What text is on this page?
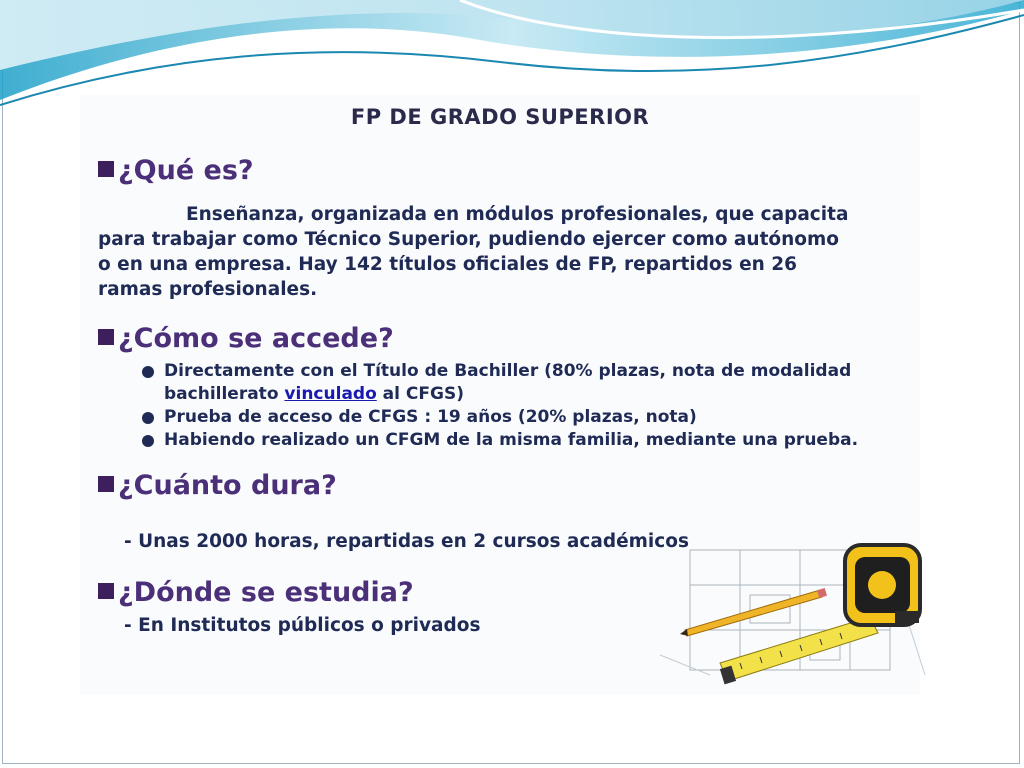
FP DE GRADO SUPERIOR
¿Qué es?
Enseñanza, organizada en módulos profesionales, que capacita
para trabajar como Técnico Superior, pudiendo ejercer como autónomo
o en una empresa. Hay 142 títulos oficiales de FP, repartidos en 26
ramas profesionales.
¿Cómo se accede?
Directamente con el Título de Bachiller (80% plazas, nota de modalidad
bachillerato vinculado al CFGS)
Prueba de acceso de CFGS : 19 años (20% plazas, nota)
Habiendo realizado un CFGM de la misma familia, mediante una prueba.
¿Cuánto dura?
- Unas 2000 horas, repartidas en 2 cursos académicos
¿Dónde se estudia?
- En Institutos públicos o privados
